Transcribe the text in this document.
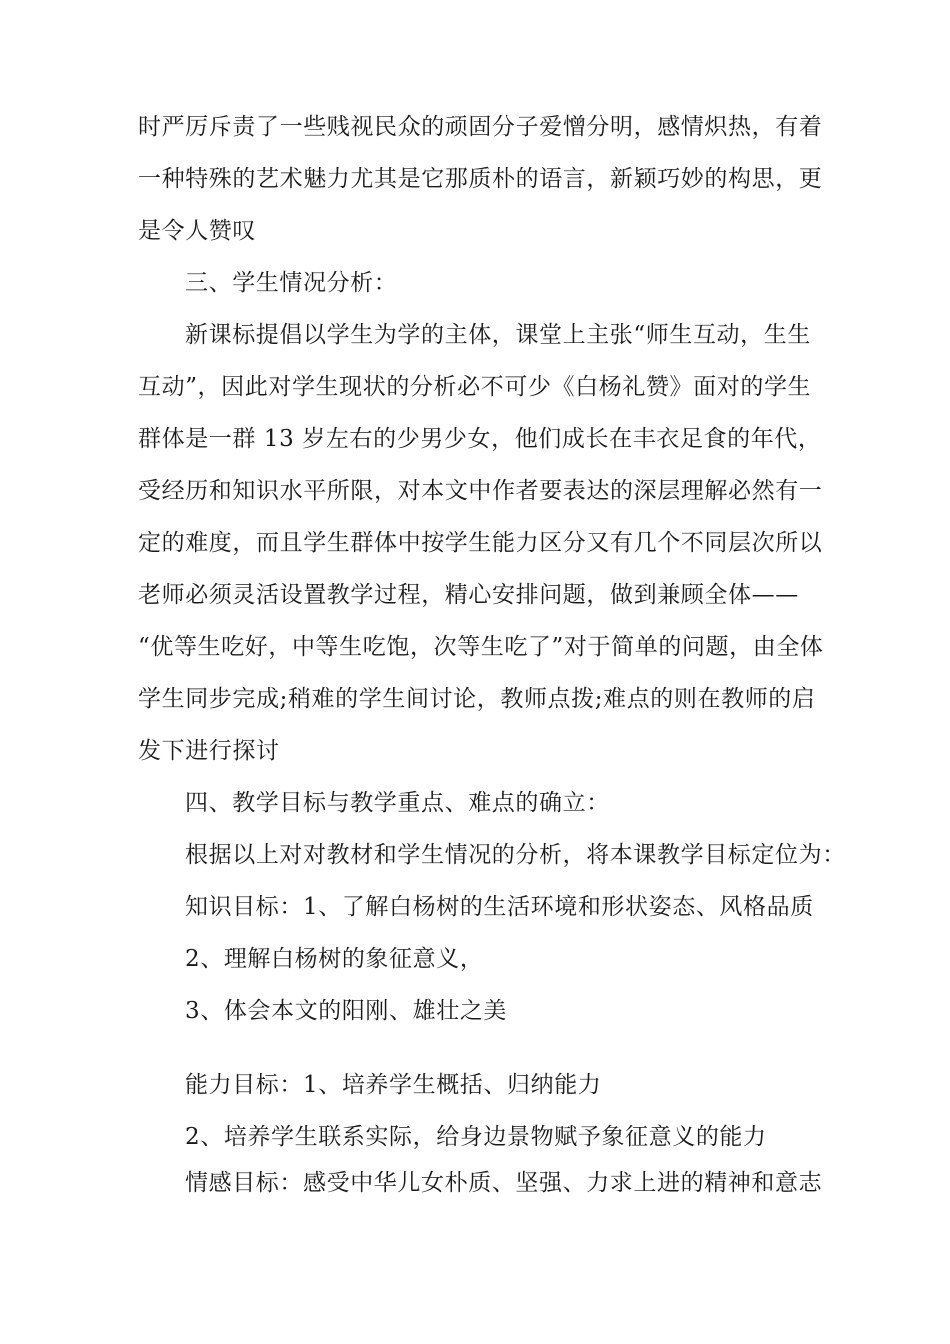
时严厉斥责了一些贱视民众的顽固分子爱憎分明，感情炽热，有着
一种特殊的艺术魅力尤其是它那质朴的语言，新颖巧妙的构思，更
是令人赞叹
三、学生情况分析：
新课标提倡以学生为学的主体，课堂上主张“师生互动，生生
互动”，因此对学生现状的分析必不可少《白杨礼赞》面对的学生
群体是一群 13 岁左右的少男少女，他们成长在丰衣足食的年代，
受经历和知识水平所限，对本文中作者要表达的深层理解必然有一
定的难度，而且学生群体中按学生能力区分又有几个不同层次所以
老师必须灵活设置教学过程，精心安排问题，做到兼顾全体——
“优等生吃好，中等生吃饱，次等生吃了”对于简单的问题，由全体
学生同步完成;稍难的学生间讨论，教师点拨;难点的则在教师的启
发下进行探讨
四、教学目标与教学重点、难点的确立：
根据以上对对教材和学生情况的分析，将本课教学目标定位为：
知识目标：1、了解白杨树的生活环境和形状姿态、风格品质
2、理解白杨树的象征意义，
3、体会本文的阳刚、雄壮之美
能力目标：1、培养学生概括、归纳能力
2、培养学生联系实际，给身边景物赋予象征意义的能力
情感目标：感受中华儿女朴质、坚强、力求上进的精神和意志
